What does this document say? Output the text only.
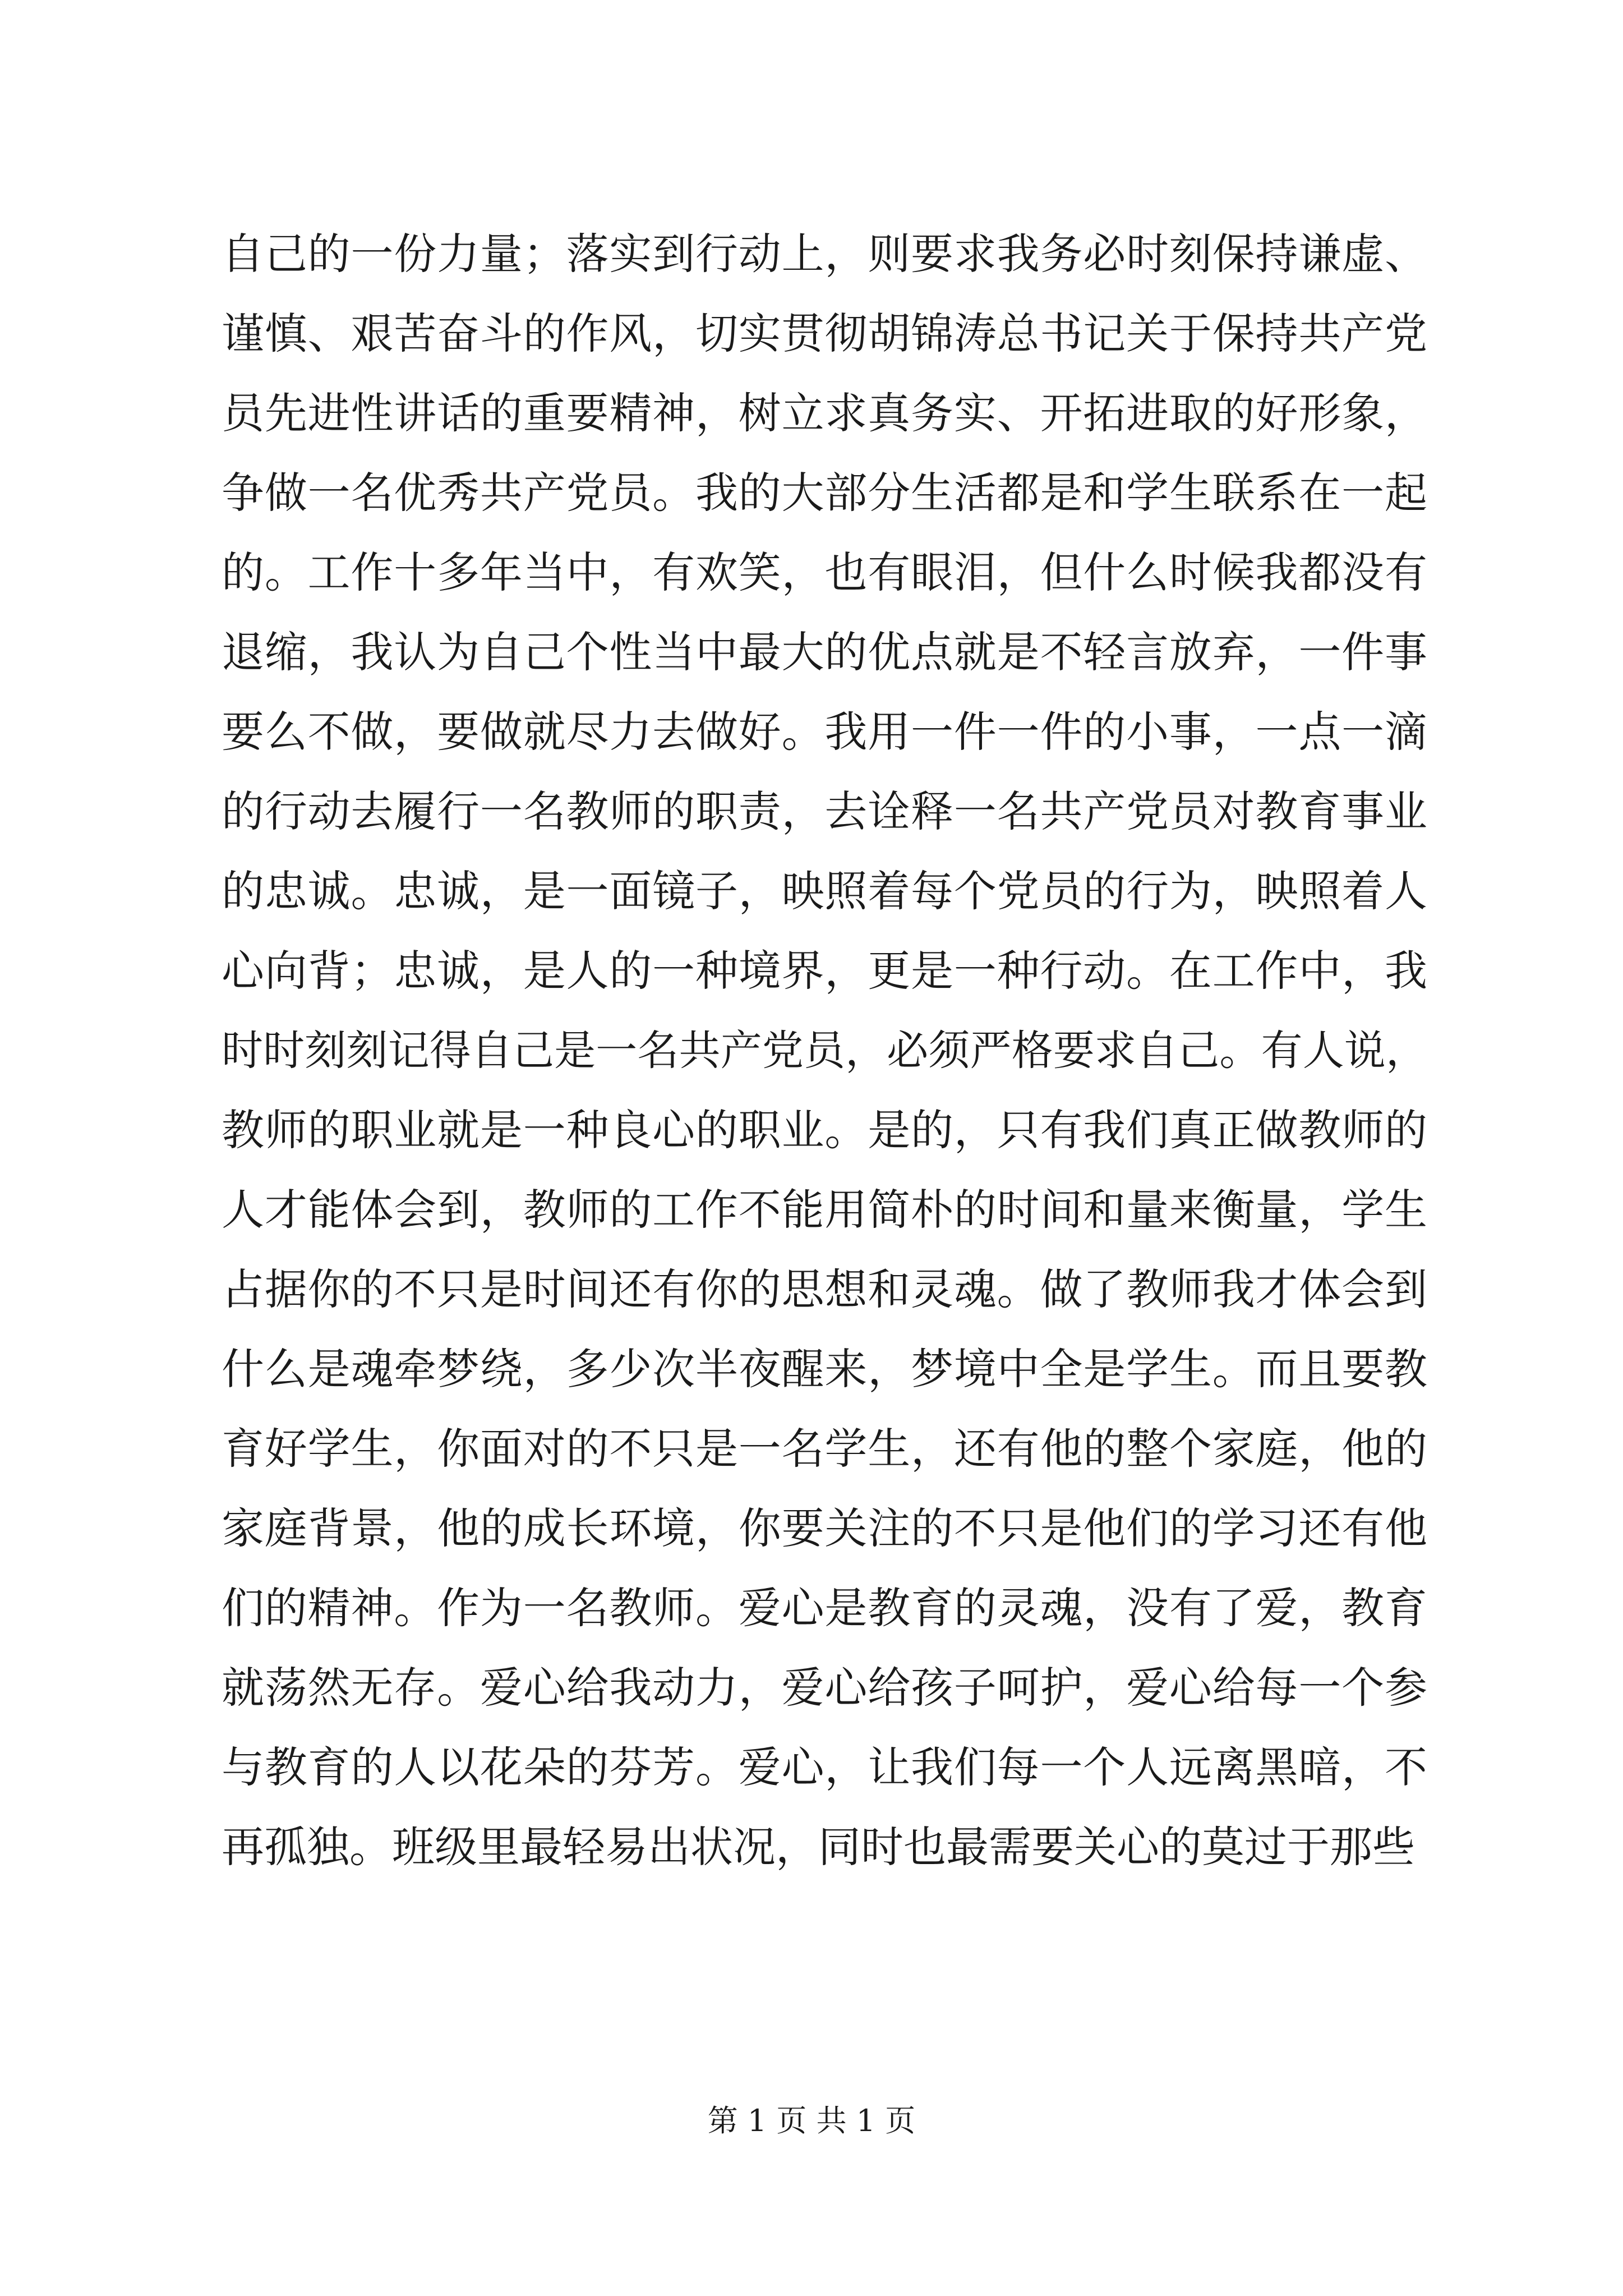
自己的一份力量；落实到行动上，则要求我务必时刻保持谦虚、
谨慎、艰苦奋斗的作风，切实贯彻胡锦涛总书记关于保持共产党
员先进性讲话的重要精神，树立求真务实、开拓进取的好形象，
争做一名优秀共产党员。我的大部分生活都是和学生联系在一起
的。工作十多年当中，有欢笑，也有眼泪，但什么时候我都没有
退缩，我认为自己个性当中最大的优点就是不轻言放弃，一件事
要么不做，要做就尽力去做好。我用一件一件的小事，一点一滴
的行动去履行一名教师的职责，去诠释一名共产党员对教育事业
的忠诚。忠诚，是一面镜子，映照着每个党员的行为，映照着人
心向背；忠诚，是人的一种境界，更是一种行动。在工作中，我
时时刻刻记得自己是一名共产党员，必须严格要求自己。有人说，
教师的职业就是一种良心的职业。是的，只有我们真正做教师的
人才能体会到，教师的工作不能用简朴的时间和量来衡量，学生
占据你的不只是时间还有你的思想和灵魂。做了教师我才体会到
什么是魂牵梦绕，多少次半夜醒来，梦境中全是学生。而且要教
育好学生，你面对的不只是一名学生，还有他的整个家庭，他的
家庭背景，他的成长环境，你要关注的不只是他们的学习还有他
们的精神。作为一名教师。爱心是教育的灵魂，没有了爱，教育
就荡然无存。爱心给我动力，爱心给孩子呵护，爱心给每一个参
与教育的人以花朵的芬芳。爱心，让我们每一个人远离黑暗，不
再孤独。班级里最轻易出状况，同时也最需要关心的莫过于那些
第 1 页 共 1 页
